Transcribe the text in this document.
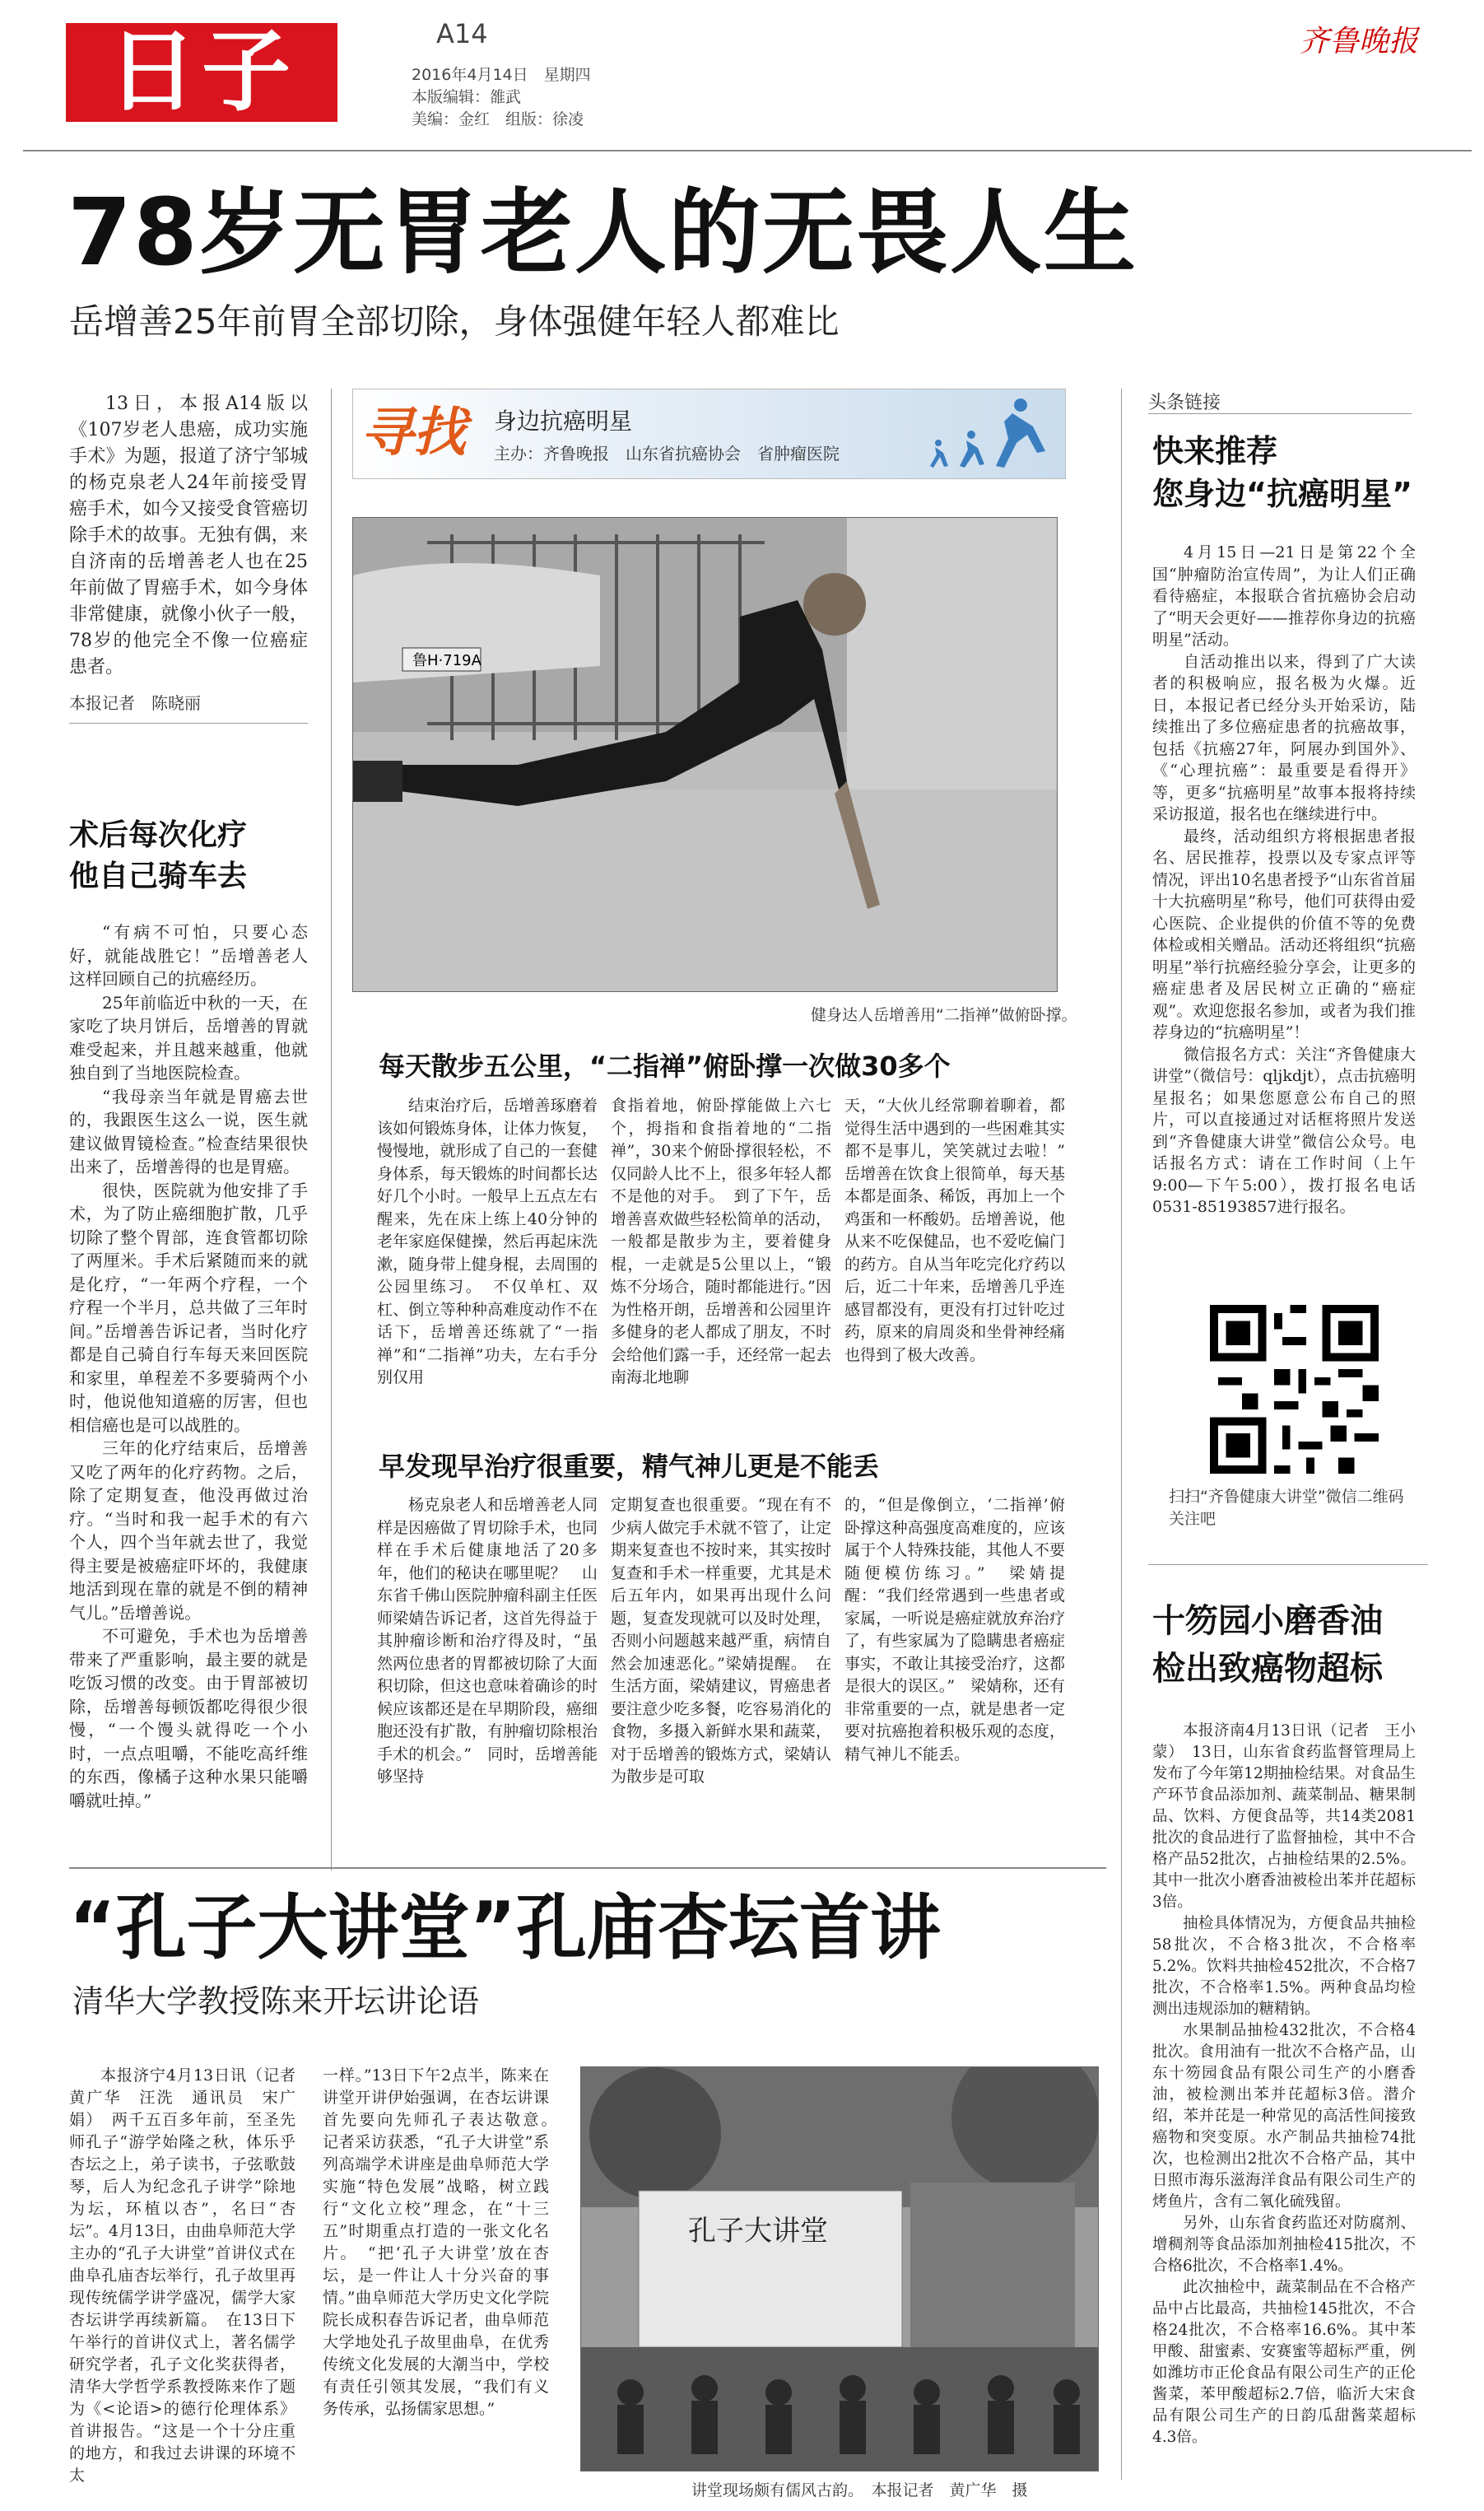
日子	A14
2016年4月14日　星期四
本版编辑：雒武
美编：金红　组版：徐凌
齐鲁晚报
78岁无胃老人的无畏人生
岳增善25年前胃全部切除，身体强健年轻人都难比

13日，本报A14版以《107岁老人患癌，成功实施手术》为题，报道了济宁邹城的杨克泉老人24年前接受胃癌手术，如今又接受食管癌切除手术的故事。无独有偶，来自济南的岳增善老人也在25年前做了胃癌手术，如今身体非常健康，就像小伙子一般，78岁的他完全不像一位癌症患者。

本报记者　陈晓丽
寻找	身边抗癌明星
主办：齐鲁晚报　山东省抗癌协会　省肿瘤医院
鲁H·719A
健身达人岳增善用“二指禅”做俯卧撑。
术后每次化疗
他自己骑车去

“有病不可怕，只要心态好，就能战胜它！”岳增善老人这样回顾自己的抗癌经历。

25年前临近中秋的一天，在家吃了块月饼后，岳增善的胃就难受起来，并且越来越重，他就独自到了当地医院检查。

“我母亲当年就是胃癌去世的，我跟医生这么一说，医生就建议做胃镜检查。”检查结果很快出来了，岳增善得的也是胃癌。

很快，医院就为他安排了手术，为了防止癌细胞扩散，几乎切除了整个胃部，连食管都切除了两厘米。手术后紧随而来的就是化疗，“一年两个疗程，一个疗程一个半月，总共做了三年时间。”岳增善告诉记者，当时化疗都是自己骑自行车每天来回医院和家里，单程差不多要骑两个小时，他说他知道癌的厉害，但也相信癌也是可以战胜的。

三年的化疗结束后，岳增善又吃了两年的化疗药物。之后，除了定期复查，他没再做过治疗。“当时和我一起手术的有六个人，四个当年就去世了，我觉得主要是被癌症吓坏的，我健康地活到现在靠的就是不倒的精神气儿。”岳增善说。

不可避免，手术也为岳增善带来了严重影响，最主要的就是吃饭习惯的改变。由于胃部被切除，岳增善每顿饭都吃得很少很慢，“一个馒头就得吃一个小时，一点点咀嚼，不能吃高纤维的东西，像橘子这种水果只能嚼嚼就吐掉。”

每天散步五公里，“二指禅”俯卧撑一次做30多个

结束治疗后，岳增善琢磨着该如何锻炼身体，让体力恢复，慢慢地，就形成了自己的一套健身体系，每天锻炼的时间都长达好几个小时。一般早上五点左右醒来，先在床上练上40分钟的老年家庭保健操，然后再起床洗漱，随身带上健身棍，去周围的公园里练习。　不仅单杠、双杠、倒立等种种高难度动作不在话下，岳增善还练就了“一指禅”和“二指禅”功夫，左右手分别仅用

食指着地，俯卧撑能做上六七个，拇指和食指着地的“二指禅”，30来个俯卧撑很轻松，不仅同龄人比不上，很多年轻人都不是他的对手。　到了下午，岳增善喜欢做些轻松简单的活动，一般都是散步为主，要着健身棍，一走就是5公里以上，“锻炼不分场合，随时都能进行。”因为性格开朗，岳增善和公园里许多健身的老人都成了朋友，不时会给他们露一手，还经常一起去南海北地聊

天，“大伙儿经常聊着聊着，都觉得生活中遇到的一些困难其实都不是事儿，笑笑就过去啦！”　岳增善在饮食上很简单，每天基本都是面条、稀饭，再加上一个鸡蛋和一杯酸奶。岳增善说，他从来不吃保健品，也不爱吃偏门的药方。自从当年吃完化疗药以后，近二十年来，岳增善几乎连感冒都没有，更没有打过针吃过药，原来的肩周炎和坐骨神经痛也得到了极大改善。

早发现早治疗很重要，精气神儿更是不能丢

杨克泉老人和岳增善老人同样是因癌做了胃切除手术，也同样在手术后健康地活了20多年，他们的秘诀在哪里呢？　山东省千佛山医院肿瘤科副主任医师梁婧告诉记者，这首先得益于其肿瘤诊断和治疗得及时，“虽然两位患者的胃都被切除了大面积切除，但这也意味着确诊的时候应该都还是在早期阶段，癌细胞还没有扩散，有肿瘤切除根治手术的机会。”　同时，岳增善能够坚持

定期复查也很重要。“现在有不少病人做完手术就不管了，让定期来复查也不按时来，其实按时复查和手术一样重要，尤其是术后五年内，如果再出现什么问题，复查发现就可以及时处理，否则小问题越来越严重，病情自然会加速恶化。”梁婧提醒。　在生活方面，梁婧建议，胃癌患者要注意少吃多餐，吃容易消化的食物，多摄入新鲜水果和蔬菜，对于岳增善的锻炼方式，梁婧认为散步是可取

的，“但是像倒立，‘二指禅’俯卧撑这种高强度高难度的，应该属于个人特殊技能，其他人不要随便模仿练习。”　梁婧提醒：“我们经常遇到一些患者或家属，一听说是癌症就放弃治疗了，有些家属为了隐瞒患者癌症事实，不敢让其接受治疗，这都是很大的误区。”　梁婧称，还有非常重要的一点，就是患者一定要对抗癌抱着积极乐观的态度，精气神儿不能丢。

头条链接
快来推荐
您身边“抗癌明星”

4月15日—21日是第22个全国“肿瘤防治宣传周”，为让人们正确看待癌症，本报联合省抗癌协会启动了“明天会更好——推荐你身边的抗癌明星”活动。

自活动推出以来，得到了广大读者的积极响应，报名极为火爆。近日，本报记者已经分头开始采访，陆续推出了多位癌症患者的抗癌故事，包括《抗癌27年，阿展办到国外》、《“心理抗癌”：最重要是看得开》等，更多“抗癌明星”故事本报将持续采访报道，报名也在继续进行中。

最终，活动组织方将根据患者报名、居民推荐，投票以及专家点评等情况，评出10名患者授予“山东省首届十大抗癌明星”称号，他们可获得由爱心医院、企业提供的价值不等的免费体检或相关赠品。活动还将组织“抗癌明星”举行抗癌经验分享会，让更多的癌症患者及居民树立正确的“癌症观”。欢迎您报名参加，或者为我们推荐身边的“抗癌明星”！

微信报名方式：关注“齐鲁健康大讲堂”（微信号：qljkdjt），点击抗癌明星报名；如果您愿意公布自己的照片，可以直接通过对话框将照片发送到“齐鲁健康大讲堂”微信公众号。电话报名方式：请在工作时间（上午9:00—下午5:00），拨打报名电话0531-85193857进行报名。

扫扫“齐鲁健康大讲堂”微信二维码关注吧
十笏园小磨香油
检出致癌物超标

本报济南4月13日讯（记者　王小蒙）　13日，山东省食药监督管理局上发布了今年第12期抽检结果。对食品生产环节食品添加剂、蔬菜制品、糖果制品、饮料、方便食品等，共14类2081批次的食品进行了监督抽检，其中不合格产品52批次，占抽检结果的2.5%。其中一批次小磨香油被检出苯并芘超标3倍。

抽检具体情况为，方便食品共抽检58批次，不合格3批次，不合格率5.2%。饮料共抽检452批次，不合格7批次，不合格率1.5%。两种食品均检测出违规添加的糖精钠。

水果制品抽检432批次，不合格4批次。食用油有一批次不合格产品，山东十笏园食品有限公司生产的小磨香油，被检测出苯并芘超标3倍。潜介绍，苯并芘是一种常见的高活性间接致癌物和突变原。水产制品共抽检74批次，也检测出2批次不合格产品，其中日照市海乐滋海洋食品有限公司生产的烤鱼片，含有二氧化硫残留。

另外，山东省食药监还对防腐剂、增稠剂等食品添加剂抽检415批次，不合格6批次，不合格率1.4%。

此次抽检中，蔬菜制品在不合格产品中占比最高，共抽检145批次，不合格24批次，不合格率16.6%。其中苯甲酸、甜蜜素、安赛蜜等超标严重，例如潍坊市正伦食品有限公司生产的正伦酱菜，苯甲酸超标2.7倍，临沂大宋食品有限公司生产的日韵瓜甜酱菜超标4.3倍。

“孔子大讲堂”孔庙杏坛首讲
清华大学教授陈来开坛讲论语

本报济宁4月13日讯（记者　黄广华　汪洗　通讯员　宋广娟）　两千五百多年前，至圣先师孔子“游学始隆之秋，体乐乎杏坛之上，弟子读书，子弦歌鼓琴，后人为纪念孔子讲学”除地为坛，环植以杏”，名曰“杏坛”。4月13日，由曲阜师范大学主办的“孔子大讲堂”首讲仪式在曲阜孔庙杏坛举行，孔子故里再现传统儒学讲学盛况，儒学大家杏坛讲学再续新篇。　在13日下午举行的首讲仪式上，著名儒学研究学者，孔子文化奖获得者，清华大学哲学系教授陈来作了题为《<论语>的德行伦理体系》首讲报告。“这是一个十分庄重的地方，和我过去讲课的环境不太

一样。”13日下午2点半，陈来在讲堂开讲伊始强调，在杏坛讲课首先要向先师孔子表达敬意。　记者采访获悉，“孔子大讲堂”系列高端学术讲座是曲阜师范大学实施“特色发展”战略，树立践行“文化立校”理念，在“十三五”时期重点打造的一张文化名片。　“把‘孔子大讲堂’放在杏坛，是一件让人十分兴奋的事情。”曲阜师范大学历史文化学院院长成积春告诉记者，曲阜师范大学地处孔子故里曲阜，在优秀传统文化发展的大潮当中，学校有责任引领其发展，“我们有义务传承，弘扬儒家思想。”

孔子大讲堂
讲堂现场颇有儒风古韵。　本报记者　黄广华　摄
